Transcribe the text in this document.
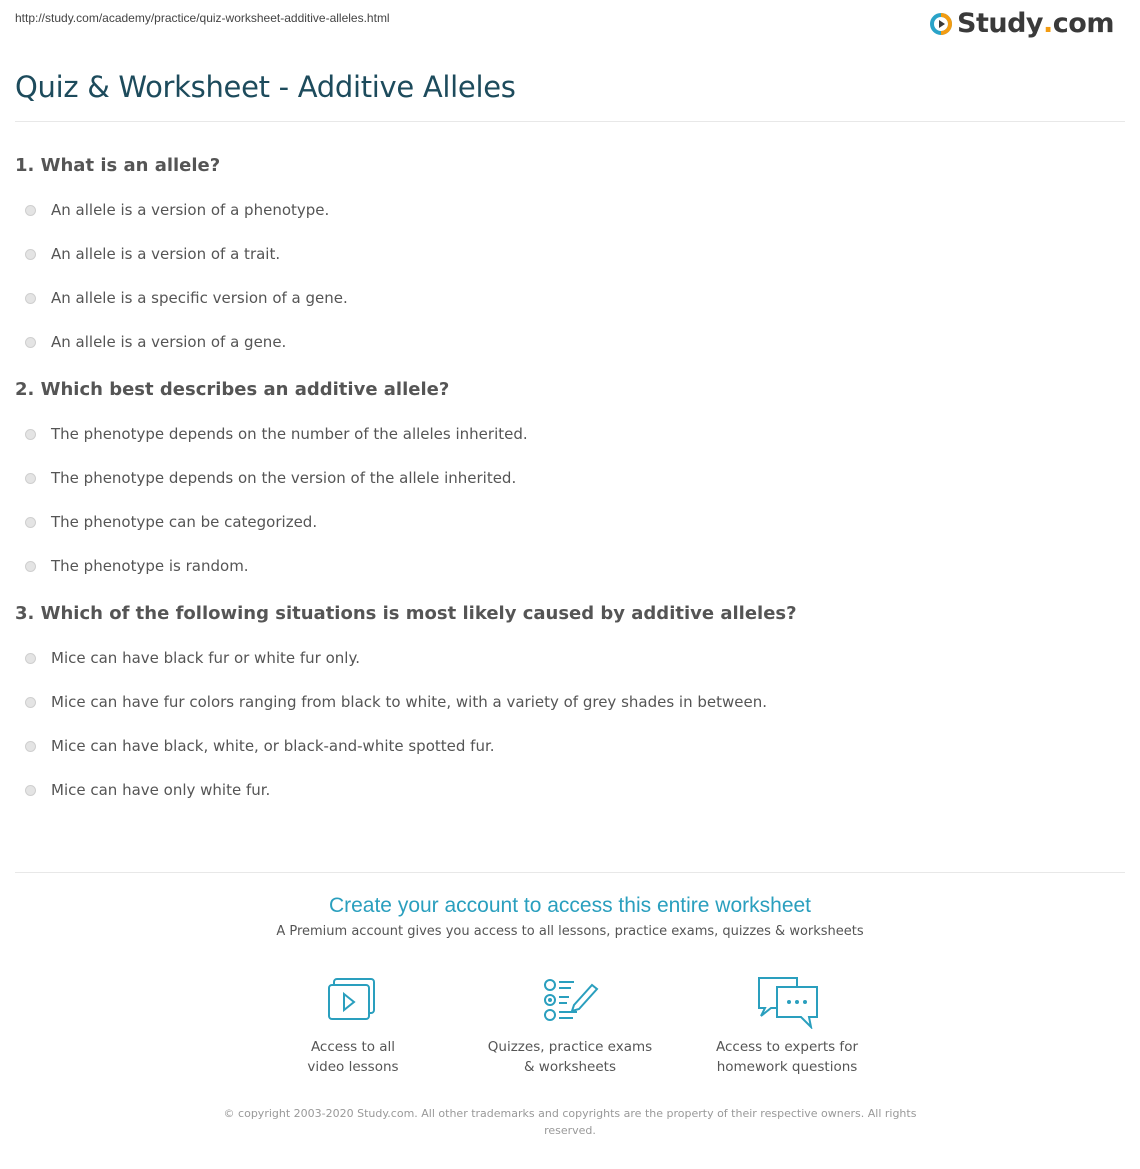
http://study.com/academy/practice/quiz-worksheet-additive-alleles.html	Study . com
Quiz & Worksheet - Additive Alleles
1. What is an allele?
An allele is a version of a phenotype.
An allele is a version of a trait.
An allele is a specific version of a gene.
An allele is a version of a gene.
2. Which best describes an additive allele?
The phenotype depends on the number of the alleles inherited.
The phenotype depends on the version of the allele inherited.
The phenotype can be categorized.
The phenotype is random.
3. Which of the following situations is most likely caused by additive alleles?
Mice can have black fur or white fur only.
Mice can have fur colors ranging from black to white, with a variety of grey shades in between.
Mice can have black, white, or black-and-white spotted fur.
Mice can have only white fur.
Create your account to access this entire worksheet
A Premium account gives you access to all lessons, practice exams, quizzes & worksheets
Access to all
video lessons
Quizzes, practice exams
& worksheets
Access to experts for
homework questions
© copyright 2003-2020 Study.com. All other trademarks and copyrights are the property of their respective owners. All rights reserved.
